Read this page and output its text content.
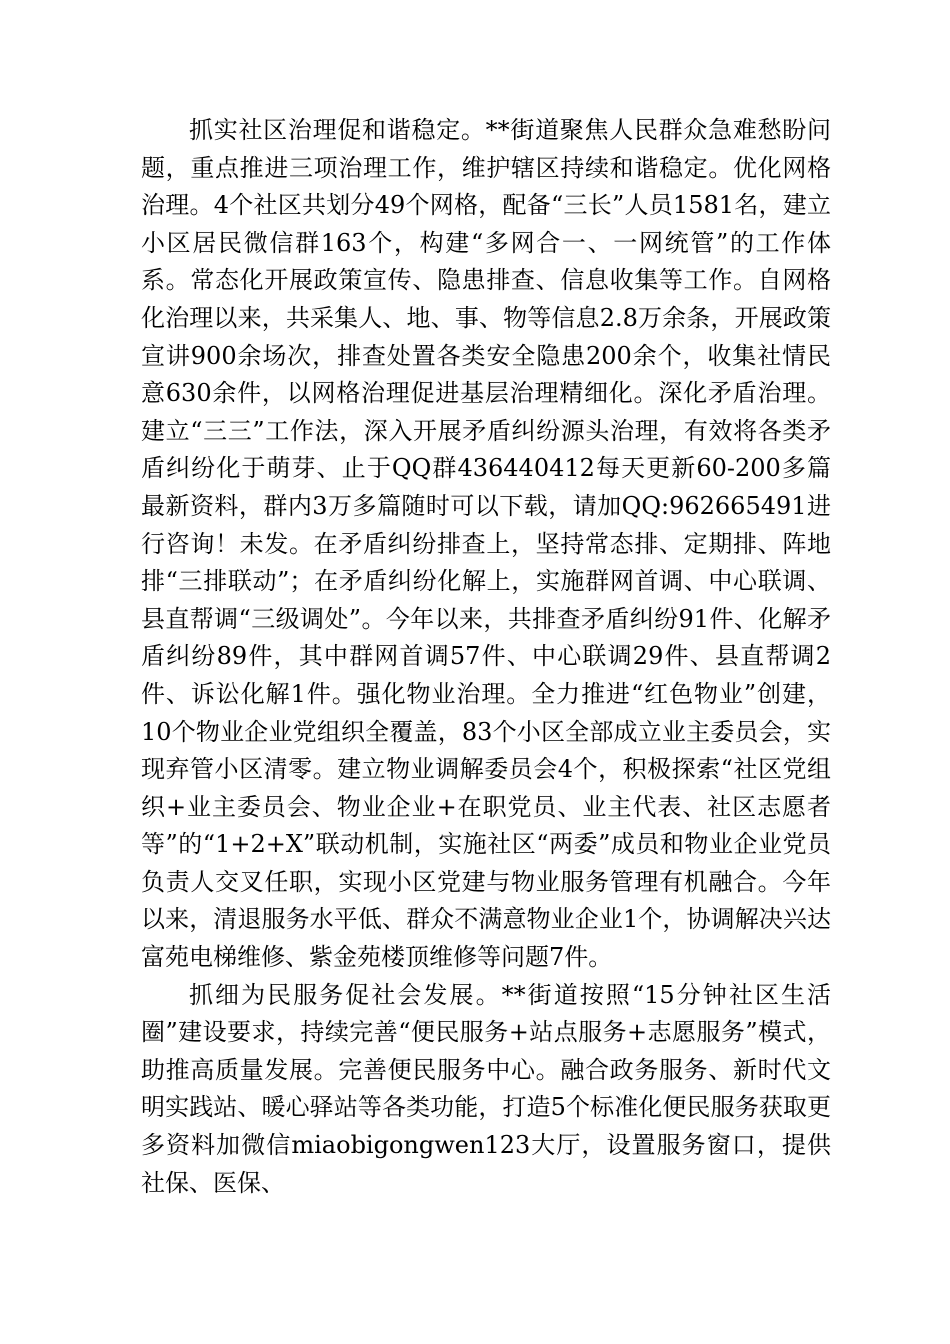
抓实社区治理促和谐稳定。**街道聚焦人民群众急难愁盼问题，重点推进三项治理工作，维护辖区持续和谐稳定。优化网格治理。4个社区共划分49个网格，配备“三长”人员1581名，建立小区居民微信群163个，构建“多网合一、一网统管”的工作体系。常态化开展政策宣传、隐患排查、信息收集等工作。自网格化治理以来，共采集人、地、事、物等信息2.8万余条，开展政策宣讲900余场次，排查处置各类安全隐患200余个，收集社情民意630余件，以网格治理促进基层治理精细化。深化矛盾治理。建立“三三”工作法，深入开展矛盾纠纷源头治理，有效将各类矛盾纠纷化于萌芽、止于QQ群436440412每天更新60-200多篇最新资料，群内3万多篇随时可以下载，请加QQ:962665491进行咨询！未发。在矛盾纠纷排查上，坚持常态排、定期排、阵地排“三排联动”；在矛盾纠纷化解上，实施群网首调、中心联调、县直帮调“三级调处”。今年以来，共排查矛盾纠纷91件、化解矛盾纠纷89件，其中群网首调57件、中心联调29件、县直帮调2件、诉讼化解1件。强化物业治理。全力推进“红色物业”创建，10个物业企业党组织全覆盖，83个小区全部成立业主委员会，实现弃管小区清零。建立物业调解委员会4个，积极探索“社区党组织+业主委员会、物业企业+在职党员、业主代表、社区志愿者等”的“1+2+X”联动机制，实施社区“两委”成员和物业企业党员负责人交叉任职，实现小区党建与物业服务管理有机融合。今年以来，清退服务水平低、群众不满意物业企业1个，协调解决兴达富苑电梯维修、紫金苑楼顶维修等问题7件。

抓细为民服务促社会发展。**街道按照“15分钟社区生活圈”建设要求，持续完善“便民服务+站点服务+志愿服务”模式，助推高质量发展。完善便民服务中心。融合政务服务、新时代文明实践站、暖心驿站等各类功能，打造5个标准化便民服务获取更多资料加微信miaobigongwen123大厅，设置服务窗口，提供社保、医保、
